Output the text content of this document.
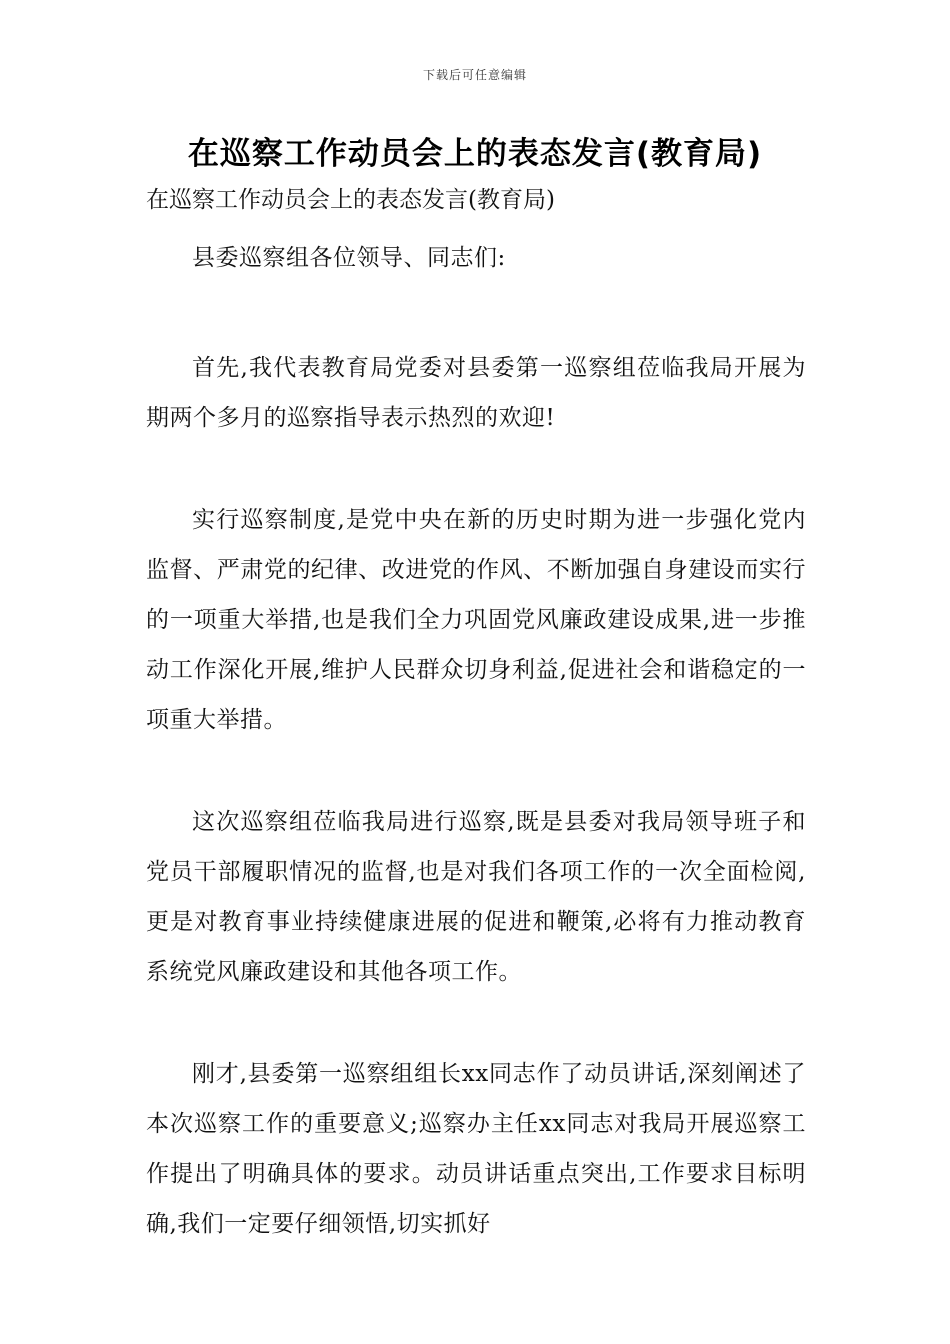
下载后可任意编辑
在巡察工作动员会上的表态发言(教育局)

在巡察工作动员会上的表态发言(教育局)

县委巡察组各位领导、同志们:

首先,我代表教育局党委对县委第一巡察组莅临我局开展为期两个多月的巡察指导表示热烈的欢迎!

实行巡察制度,是党中央在新的历史时期为进一步强化党内监督、严肃党的纪律、改进党的作风、不断加强自身建设而实行的一项重大举措,也是我们全力巩固党风廉政建设成果,进一步推动工作深化开展,维护人民群众切身利益,促进社会和谐稳定的一项重大举措。

这次巡察组莅临我局进行巡察,既是县委对我局领导班子和党员干部履职情况的监督,也是对我们各项工作的一次全面检阅,更是对教育事业持续健康进展的促进和鞭策,必将有力推动教育系统党风廉政建设和其他各项工作。

刚才,县委第一巡察组组长xx同志作了动员讲话,深刻阐述了本次巡察工作的重要意义;巡察办主任xx同志对我局开展巡察工作提出了明确具体的要求。动员讲话重点突出,工作要求目标明确,我们一定要仔细领悟,切实抓好
